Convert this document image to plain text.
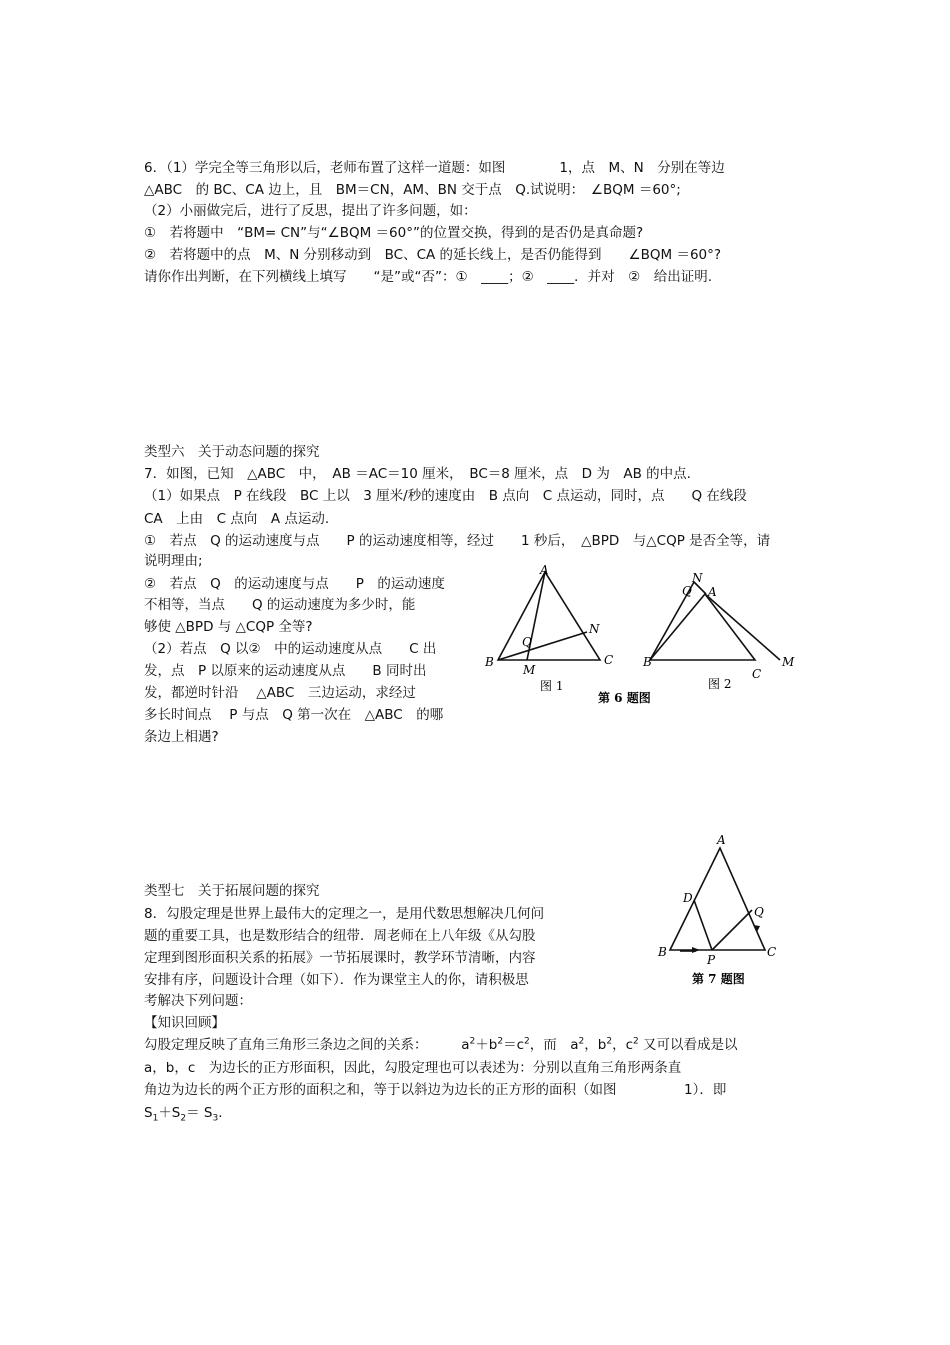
6．（1）学完全等三角形以后，老师布置了这样一道题：如图　　　　1，点　M、N　分别在等边
△ABC　的 BC、CA 边上，且　BM＝CN，AM、BN 交于点　Q.试说明：　∠BQM ＝60°;
（2）小丽做完后，进行了反思，提出了许多问题，如：
①　若将题中　“BM= CN”与“∠BQM ＝60°”的位置交换，得到的是否仍是真命题?
②　若将题中的点　M、N 分别移动到　BC、CA 的延长线上，是否仍能得到　　∠BQM ＝60°?
请你作出判断，在下列横线上填写　　“是”或“否”：①　____；②　____．并对　②　给出证明.
类型六　关于动态问题的探究
7．如图，已知　△ABC　中，　AB ＝AC＝10 厘米，　BC＝8 厘米，点　D 为　AB 的中点.
（1）如果点　P 在线段　BC 上以　3 厘米/秒的速度由　B 点向　C 点运动，同时，点　　Q 在线段
CA　上由　C 点向　A 点运动.
①　若点　Q 的运动速度与点　　P 的运动速度相等，经过　　1 秒后，　△BPD　与△CQP 是否全等，请
说明理由;
②　若点　Q　的运动速度与点　　P　的运动速度
不相等，当点　　Q 的运动速度为多少时，能
够使 △BPD 与 △CQP 全等?
（2）若点　Q 以②　中的运动速度从点　　C 出
发，点　P 以原来的运动速度从点　　B 同时出
发，都逆时针沿　 △ABC　三边运动，求经过
多长时间点　 P 与点　Q 第一次在　△ABC　的哪
条边上相遇?
A
B	C
M
N
Q
N
Q A
B
C
M
图 1	图 2
第 6 题图
A
D
Q
B	C
P
第 7 题图
类型七　关于拓展问题的探究
8．勾股定理是世界上最伟大的定理之一，是用代数思想解决几何问
题的重要工具，也是数形结合的纽带．周老师在上八年级《从勾股
定理到图形面积关系的拓展》一节拓展课时，教学环节清晰，内容
安排有序，问题设计合理（如下）．作为课堂主人的你，请积极思
考解决下列问题：
【知识回顾】
勾股定理反映了直角三角形三条边之间的关系：　　　$a^2+b^2=c^2$，而　$a^2$，$b^2$，$c^2$ 又可以看成是以
a，b，c　为边长的正方形面积，因此，勾股定理也可以表述为：分别以直角三角形两条直
角边为边长的两个正方形的面积之和，等于以斜边为边长的正方形的面积（如图　　　　　1）．即
$S_1+S_2= S_3$.
